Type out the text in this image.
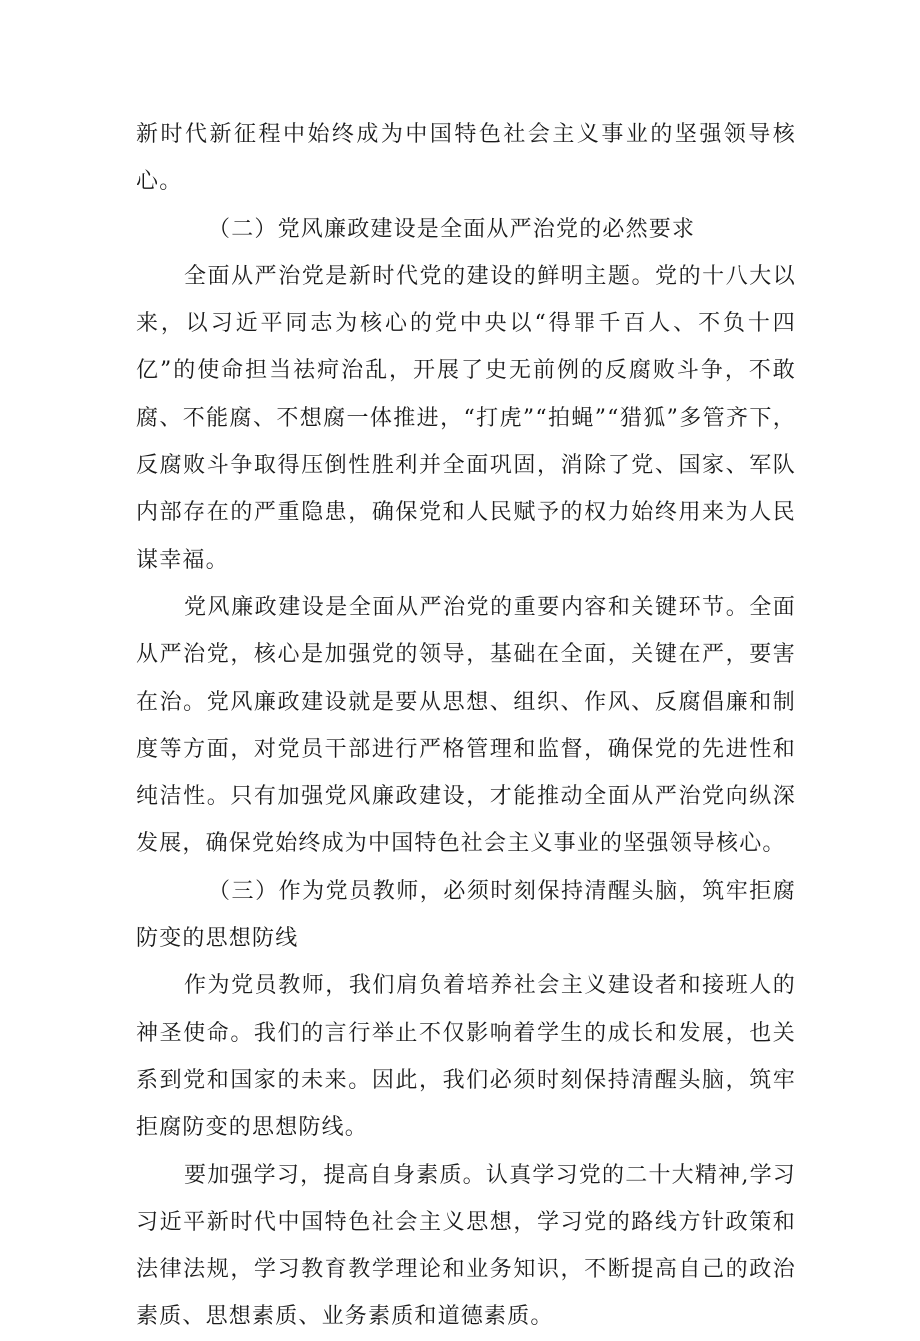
新时代新征程中始终成为中国特色社会主义事业的坚强领导核心。

（二）党风廉政建设是全面从严治党的必然要求

全面从严治党是新时代党的建设的鲜明主题。党的十八大以来，以习近平同志为核心的党中央以“得罪千百人、不负十四亿”的使命担当祛疴治乱，开展了史无前例的反腐败斗争，不敢腐、不能腐、不想腐一体推进，“打虎”“拍蝇”“猎狐”多管齐下，反腐败斗争取得压倒性胜利并全面巩固，消除了党、国家、军队内部存在的严重隐患，确保党和人民赋予的权力始终用来为人民谋幸福。

党风廉政建设是全面从严治党的重要内容和关键环节。全面从严治党，核心是加强党的领导，基础在全面，关键在严，要害在治。党风廉政建设就是要从思想、组织、作风、反腐倡廉和制度等方面，对党员干部进行严格管理和监督，确保党的先进性和纯洁性。只有加强党风廉政建设，才能推动全面从严治党向纵深发展，确保党始终成为中国特色社会主义事业的坚强领导核心。

（三）作为党员教师，必须时刻保持清醒头脑，筑牢拒腐防变的思想防线

作为党员教师，我们肩负着培养社会主义建设者和接班人的神圣使命。我们的言行举止不仅影响着学生的成长和发展，也关系到党和国家的未来。因此，我们必须时刻保持清醒头脑，筑牢拒腐防变的思想防线。

要加强学习，提高自身素质。认真学习党的二十大精神,学习习近平新时代中国特色社会主义思想，学习党的路线方针政策和法律法规，学习教育教学理论和业务知识，不断提高自己的政治素质、思想素质、业务素质和道德素质。
